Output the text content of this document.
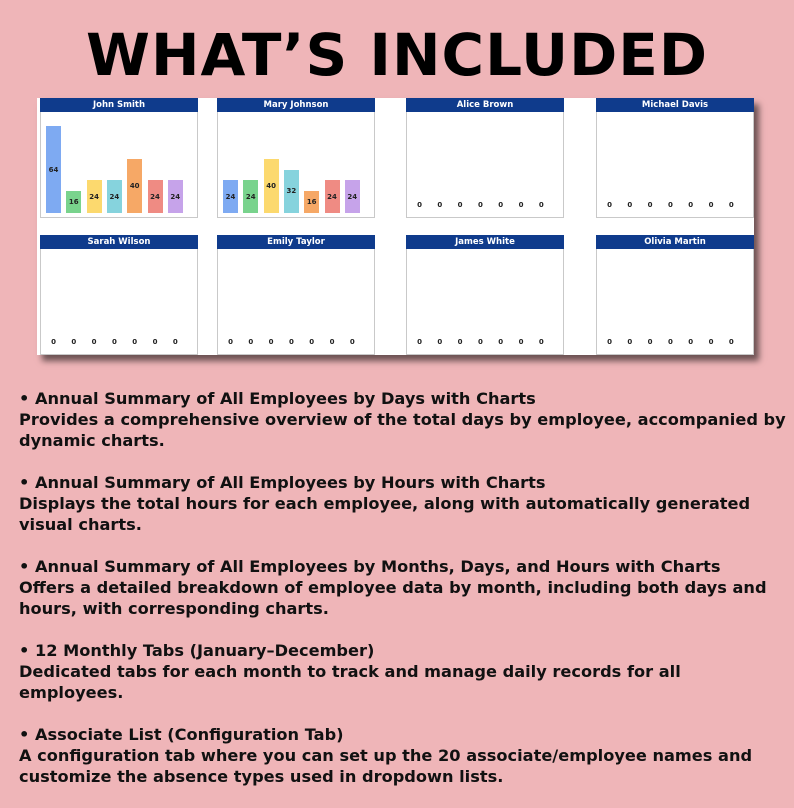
WHAT’S INCLUDED
John Smith
64
16
24 24
40
24 24
Mary Johnson
24 24
40
32
16
24 24
Alice Brown
0	0	0	0	0	0	0
Michael Davis
0	0	0	0	0	0	0
Sarah Wilson
0	0	0	0	0	0	0
Emily Taylor
0	0	0	0	0	0	0
James White
0	0	0	0	0	0	0
Olivia Martin
0	0	0	0	0	0	0
• Annual Summary of All Employees by Days with Charts
Provides a comprehensive overview of the total days by employee, accompanied by dynamic charts.
• Annual Summary of All Employees by Hours with Charts
Displays the total hours for each employee, along with automatically generated visual charts.
• Annual Summary of All Employees by Months, Days, and Hours with Charts
Offers a detailed breakdown of employee data by month, including both days and hours, with corresponding charts.
• 12 Monthly Tabs (January–December)
Dedicated tabs for each month to track and manage daily records for all employees.
• Associate List (Configuration Tab)
A configuration tab where you can set up the 20 associate/employee names and customize the absence types used in dropdown lists.
